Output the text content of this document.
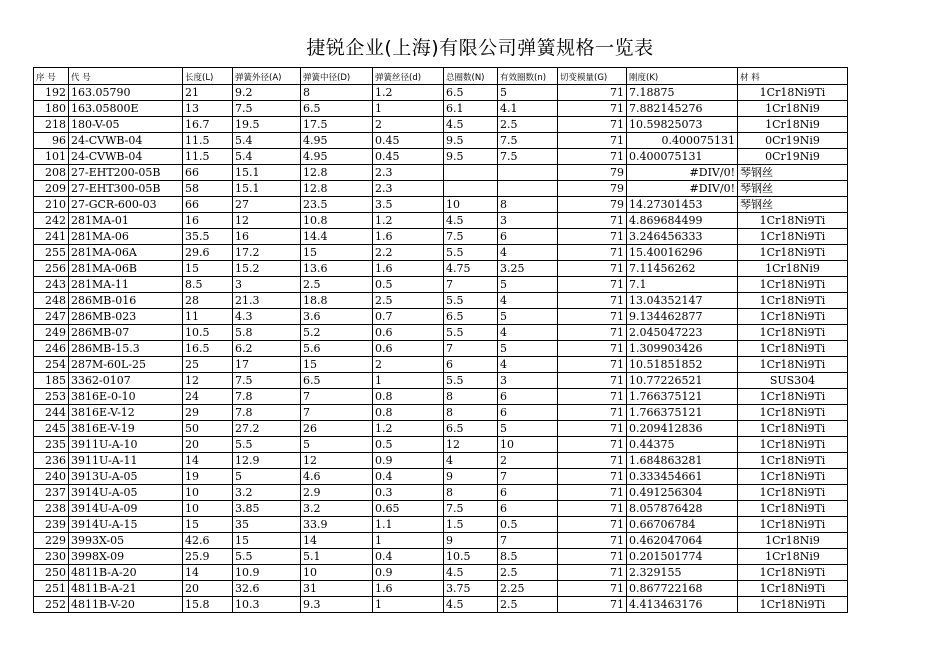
捷锐企业(上海)有限公司弹簧规格一览表
序 号	代 号	长度(L)	弹簧外径(A)	弹簧中径(D)	弹簧丝径(d)	总圈数(N)	有效圈数(n)	切变模量(G)	刚度(K)	材 料
192	163.05790	21	9.2	8	1.2	6.5	5	71	7.18875	1Cr18Ni9Ti
180	163.05800E	13	7.5	6.5	1	6.1	4.1	71	7.882145276	1Cr18Ni9
218	180-V-05	16.7	19.5	17.5	2	4.5	2.5	71	10.59825073	1Cr18Ni9
96	24-CVWB-04	11.5	5.4	4.95	0.45	9.5	7.5	71	0.400075131	0Cr19Ni9
101	24-CVWB-04	11.5	5.4	4.95	0.45	9.5	7.5	71	0.400075131	0Cr19Ni9
208	27-EHT200-05B	66	15.1	12.8	2.3			79	#DIV/0!	琴钢丝
209	27-EHT300-05B	58	15.1	12.8	2.3			79	#DIV/0!	琴钢丝
210	27-GCR-600-03	66	27	23.5	3.5	10	8	79	14.27301453	琴钢丝
242	281MA-01	16	12	10.8	1.2	4.5	3	71	4.869684499	1Cr18Ni9Ti
241	281MA-06	35.5	16	14.4	1.6	7.5	6	71	3.246456333	1Cr18Ni9Ti
255	281MA-06A	29.6	17.2	15	2.2	5.5	4	71	15.40016296	1Cr18Ni9Ti
256	281MA-06B	15	15.2	13.6	1.6	4.75	3.25	71	7.11456262	1Cr18Ni9
243	281MA-11	8.5	3	2.5	0.5	7	5	71	7.1	1Cr18Ni9Ti
248	286MB-016	28	21.3	18.8	2.5	5.5	4	71	13.04352147	1Cr18Ni9Ti
247	286MB-023	11	4.3	3.6	0.7	6.5	5	71	9.134462877	1Cr18Ni9Ti
249	286MB-07	10.5	5.8	5.2	0.6	5.5	4	71	2.045047223	1Cr18Ni9Ti
246	286MB-15.3	16.5	6.2	5.6	0.6	7	5	71	1.309903426	1Cr18Ni9Ti
254	287M-60L-25	25	17	15	2	6	4	71	10.51851852	1Cr18Ni9Ti
185	3362-0107	12	7.5	6.5	1	5.5	3	71	10.77226521	SUS304
253	3816E-0-10	24	7.8	7	0.8	8	6	71	1.766375121	1Cr18Ni9Ti
244	3816E-V-12	29	7.8	7	0.8	8	6	71	1.766375121	1Cr18Ni9Ti
245	3816E-V-19	50	27.2	26	1.2	6.5	5	71	0.209412836	1Cr18Ni9Ti
235	3911U-A-10	20	5.5	5	0.5	12	10	71	0.44375	1Cr18Ni9Ti
236	3911U-A-11	14	12.9	12	0.9	4	2	71	1.684863281	1Cr18Ni9Ti
240	3913U-A-05	19	5	4.6	0.4	9	7	71	0.333454661	1Cr18Ni9Ti
237	3914U-A-05	10	3.2	2.9	0.3	8	6	71	0.491256304	1Cr18Ni9Ti
238	3914U-A-09	10	3.85	3.2	0.65	7.5	6	71	8.057876428	1Cr18Ni9Ti
239	3914U-A-15	15	35	33.9	1.1	1.5	0.5	71	0.66706784	1Cr18Ni9Ti
229	3993X-05	42.6	15	14	1	9	7	71	0.462047064	1Cr18Ni9
230	3998X-09	25.9	5.5	5.1	0.4	10.5	8.5	71	0.201501774	1Cr18Ni9
250	4811B-A-20	14	10.9	10	0.9	4.5	2.5	71	2.329155	1Cr18Ni9Ti
251	4811B-A-21	20	32.6	31	1.6	3.75	2.25	71	0.867722168	1Cr18Ni9Ti
252	4811B-V-20	15.8	10.3	9.3	1	4.5	2.5	71	4.413463176	1Cr18Ni9Ti
